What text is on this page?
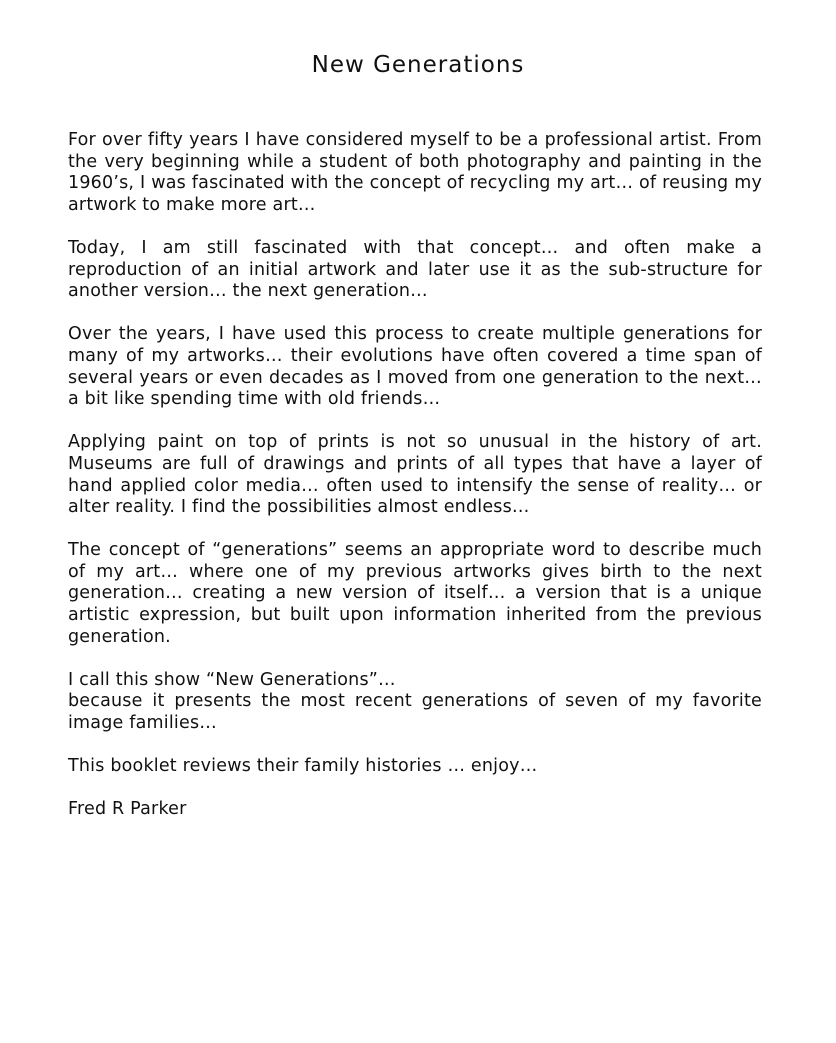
New Generations

For over fifty years I have considered myself to be a professional artist. From the very beginning while a student of both photography and painting in the 1960’s, I was fascinated with the concept of recycling my art… of reusing my artwork to make more art…

Today, I am still fascinated with that concept… and often make a reproduction of an initial artwork and later use it as the sub-structure for another version… the next generation…

Over the years, I have used this process to create multiple generations for many of my artworks… their evolutions have often covered a time span of several years or even decades as I moved from one generation to the next… a bit like spending time with old friends…

Applying paint on top of prints is not so unusual in the history of art. Museums are full of drawings and prints of all types that have a layer of hand applied color media… often used to intensify the sense of reality… or alter reality. I find the possibilities almost endless…

The concept of “generations” seems an appropriate word to describe much of my art… where one of my previous artworks gives birth to the next generation… creating a new version of itself… a version that is a unique artistic expression, but built upon information inherited from the previous generation.

I call this show “New Generations”…

because it presents the most recent generations of seven of my favorite image families…

This booklet reviews their family histories … enjoy…

Fred R Parker
